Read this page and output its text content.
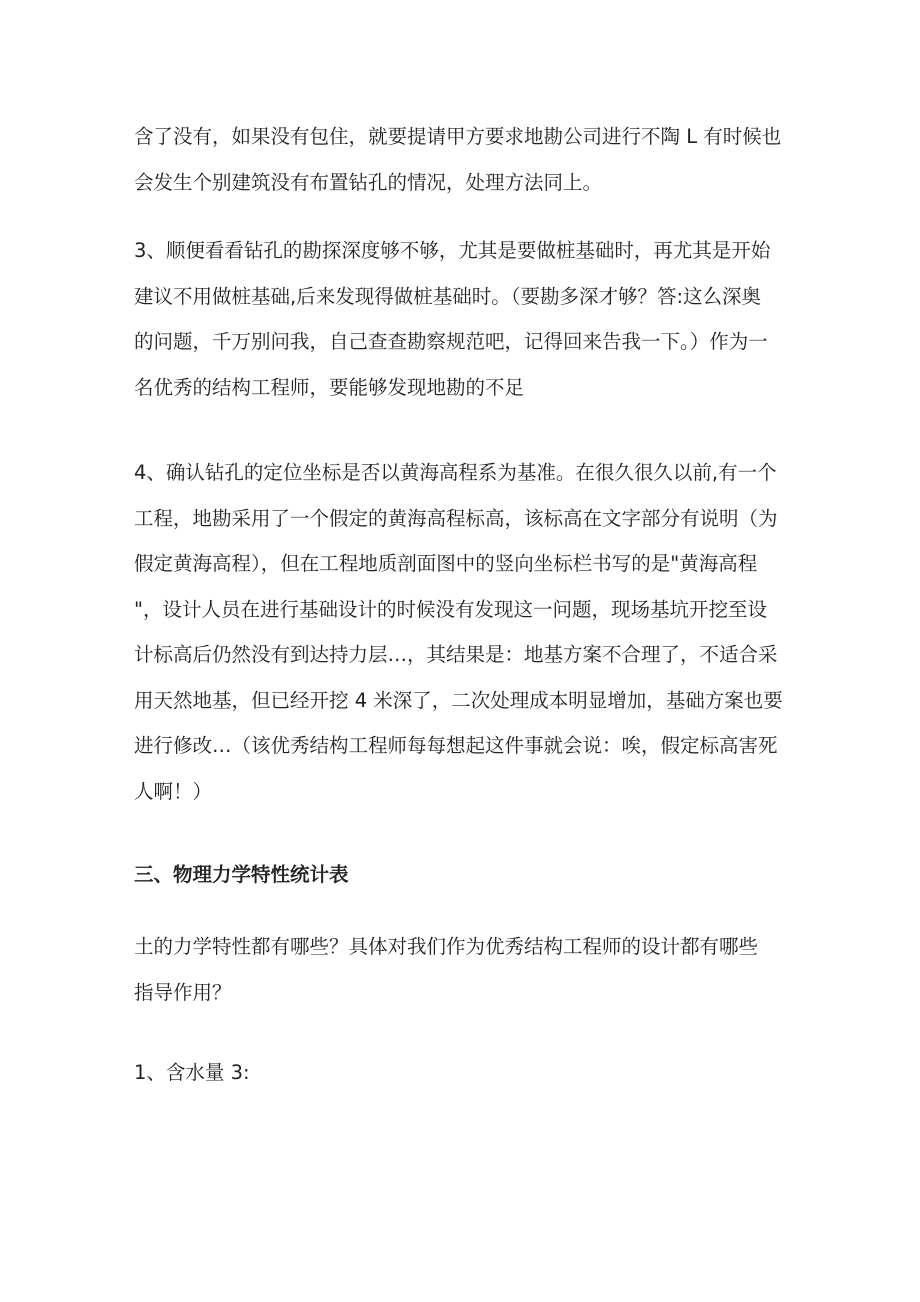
含了没有，如果没有包住，就要提请甲方要求地勘公司进行不陶 L 有时候也
会发生个别建筑没有布置钻孔的情况，处理方法同上。

3、顺便看看钻孔的勘探深度够不够，尤其是要做桩基础时，再尤其是开始
建议不用做桩基础,后来发现得做桩基础时。（要勘多深才够？答:这么深奥
的问题，千万别问我，自己查查勘察规范吧，记得回来告我一下。）作为一
名优秀的结构工程师，要能够发现地勘的不足

4、确认钻孔的定位坐标是否以黄海高程系为基准。在很久很久以前,有一个
工程，地勘采用了一个假定的黄海高程标高，该标高在文字部分有说明（为
假定黄海高程），但在工程地质剖面图中的竖向坐标栏书写的是"黄海高程
"，设计人员在进行基础设计的时候没有发现这一问题，现场基坑开挖至设
计标高后仍然没有到达持力层…，其结果是：地基方案不合理了，不适合采
用天然地基，但已经开挖 4 米深了，二次处理成本明显增加，基础方案也要
进行修改…（该优秀结构工程师每每想起这件事就会说：唉，假定标高害死
人啊！）

三、物理力学特性统计表

土的力学特性都有哪些？具体对我们作为优秀结构工程师的设计都有哪些
指导作用？

1、含水量 3:
